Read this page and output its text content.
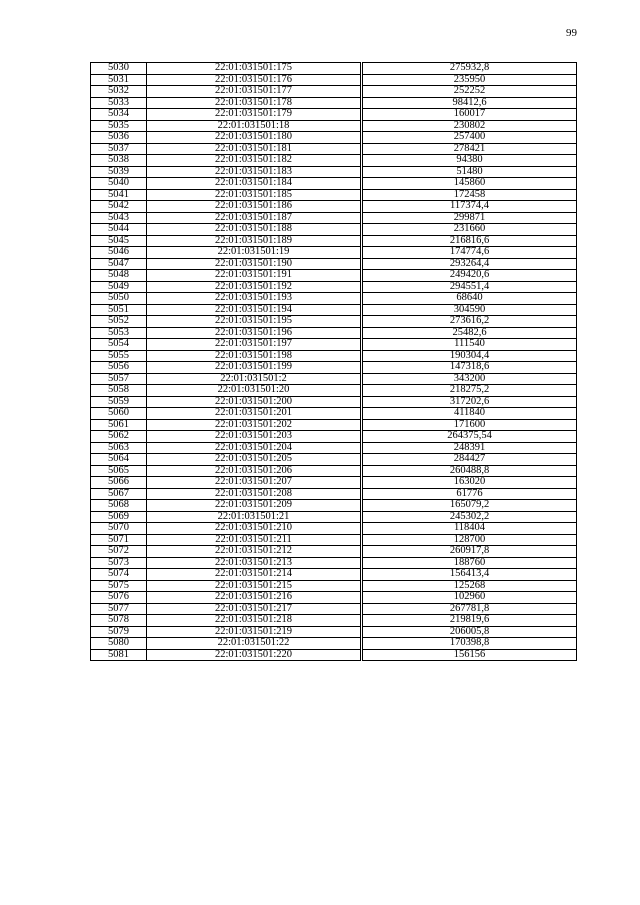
99
5030	22:01:031501:175	275932,8
5031	22:01:031501:176	235950
5032	22:01:031501:177	252252
5033	22:01:031501:178	98412,6
5034	22:01:031501:179	160017
5035	22:01:031501:18	230802
5036	22:01:031501:180	257400
5037	22:01:031501:181	278421
5038	22:01:031501:182	94380
5039	22:01:031501:183	51480
5040	22:01:031501:184	145860
5041	22:01:031501:185	172458
5042	22:01:031501:186	117374,4
5043	22:01:031501:187	299871
5044	22:01:031501:188	231660
5045	22:01:031501:189	216816,6
5046	22:01:031501:19	174774,6
5047	22:01:031501:190	293264,4
5048	22:01:031501:191	249420,6
5049	22:01:031501:192	294551,4
5050	22:01:031501:193	68640
5051	22:01:031501:194	304590
5052	22:01:031501:195	273616,2
5053	22:01:031501:196	25482,6
5054	22:01:031501:197	111540
5055	22:01:031501:198	190304,4
5056	22:01:031501:199	147318,6
5057	22:01:031501:2	343200
5058	22:01:031501:20	218275,2
5059	22:01:031501:200	317202,6
5060	22:01:031501:201	411840
5061	22:01:031501:202	171600
5062	22:01:031501:203	264375,54
5063	22:01:031501:204	248391
5064	22:01:031501:205	284427
5065	22:01:031501:206	260488,8
5066	22:01:031501:207	163020
5067	22:01:031501:208	61776
5068	22:01:031501:209	165079,2
5069	22:01:031501:21	245302,2
5070	22:01:031501:210	118404
5071	22:01:031501:211	128700
5072	22:01:031501:212	260917,8
5073	22:01:031501:213	188760
5074	22:01:031501:214	156413,4
5075	22:01:031501:215	125268
5076	22:01:031501:216	102960
5077	22:01:031501:217	267781,8
5078	22:01:031501:218	219819,6
5079	22:01:031501:219	206005,8
5080	22:01:031501:22	170398,8
5081	22:01:031501:220	156156
